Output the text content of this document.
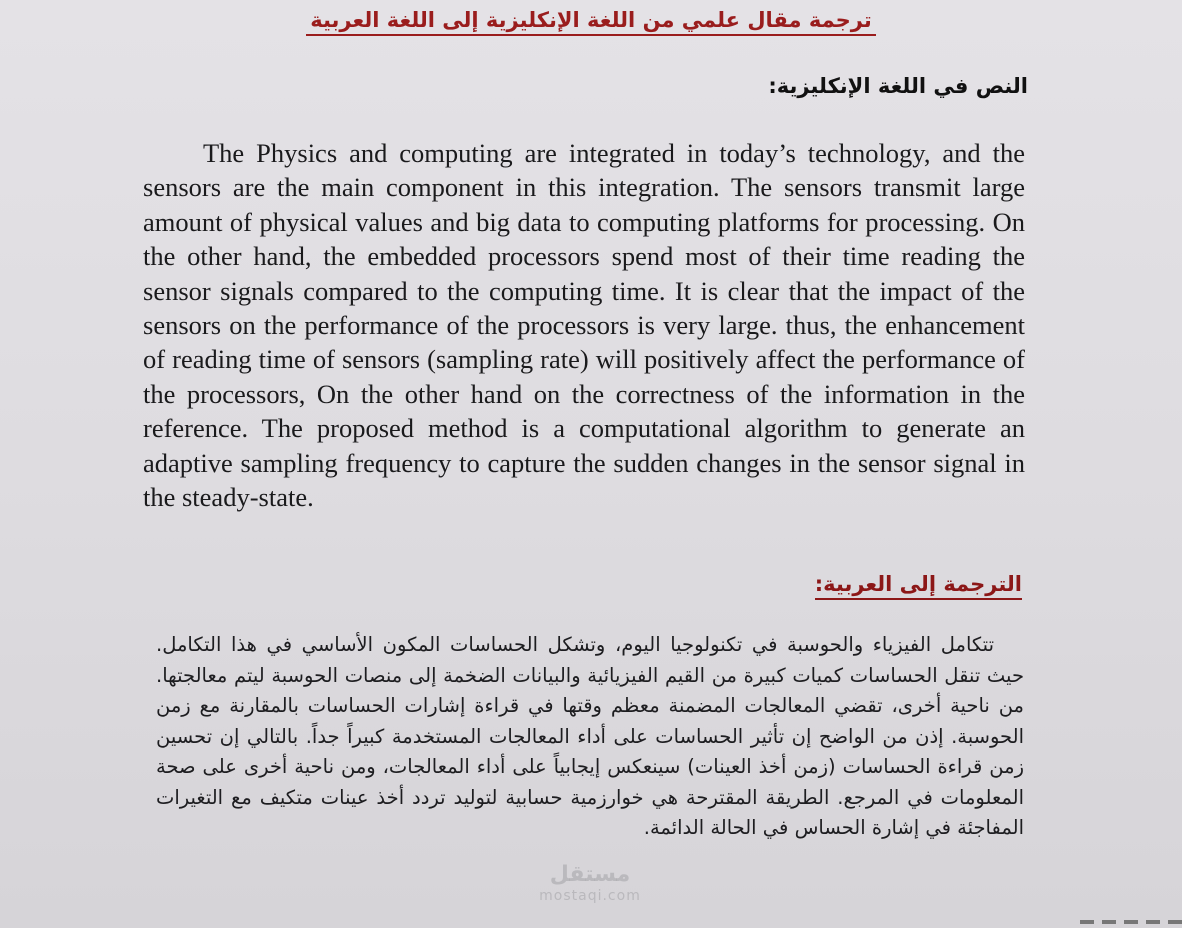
ترجمة مقال علمي من اللغة الإنكليزية إلى اللغة العربية
النص في اللغة الإنكليزية:

The Physics and computing are integrated in today’s technology, and the sensors are the main component in this integration. The sensors transmit large amount of physical values and big data to computing platforms for processing. On the other hand, the embedded processors spend most of their time reading the sensor signals compared to the computing time. It is clear that the impact of the sensors on the performance of the processors is very large. thus, the enhancement of reading time of sensors (sampling rate) will positively affect the performance of the processors, On the other hand on the correctness of the information in the reference. The proposed method is a computational algorithm to generate an adaptive sampling frequency to capture the sudden changes in the sensor signal in the steady-state.

الترجمة إلى العربية:

تتكامل الفيزياء والحوسبة في تكنولوجيا اليوم، وتشكل الحساسات المكون الأساسي في هذا التكامل. حيث تنقل الحساسات كميات كبيرة من القيم الفيزيائية والبيانات الضخمة إلى منصات الحوسبة ليتم معالجتها. من ناحية أخرى، تقضي المعالجات المضمنة معظم وقتها في قراءة إشارات الحساسات بالمقارنة مع زمن الحوسبة. إذن من الواضح إن تأثير الحساسات على أداء المعالجات المستخدمة كبيراً جداً. بالتالي إن تحسين زمن قراءة الحساسات (زمن أخذ العينات) سينعكس إيجابياً على أداء المعالجات، ومن ناحية أخرى على صحة المعلومات في المرجع. الطريقة المقترحة هي خوارزمية حسابية لتوليد تردد أخذ عينات متكيف مع التغيرات المفاجئة في إشارة الحساس في الحالة الدائمة.

مستقل
mostaqi.com
